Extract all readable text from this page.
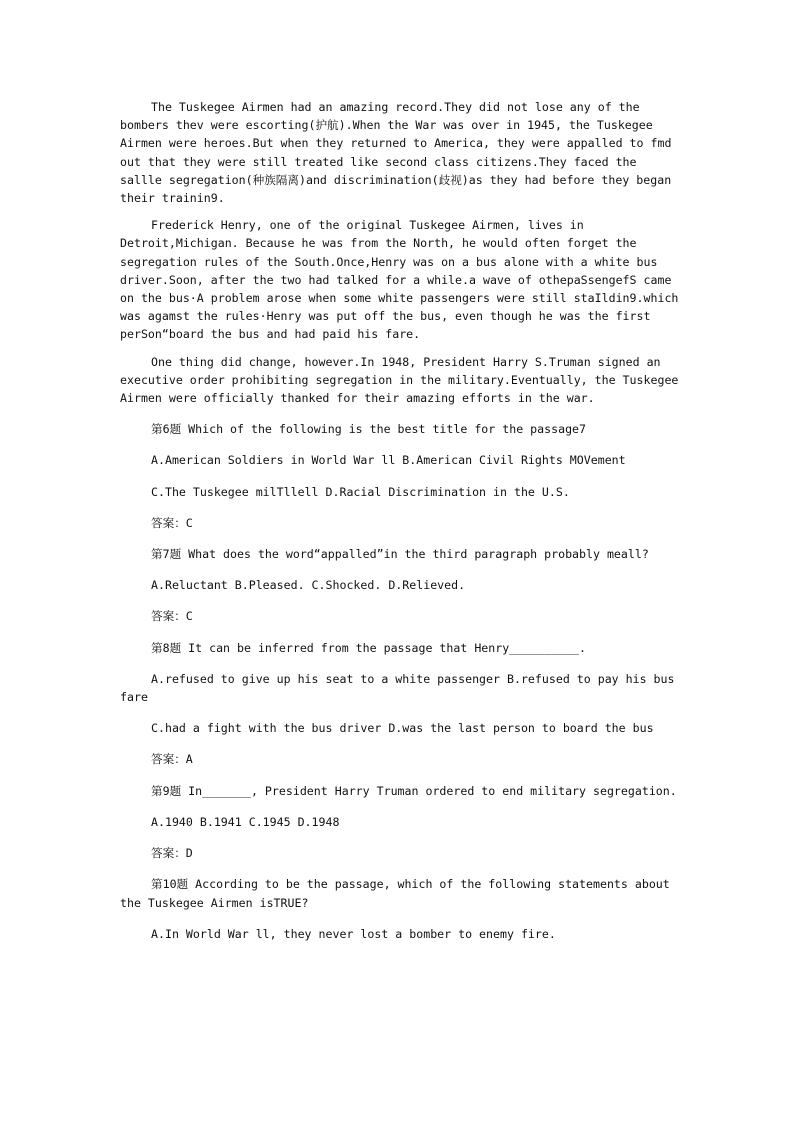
The Tuskegee Airmen had an amazing record.They did not lose any of the bombers thev were escorting(护航).When the War was over in 1945, the Tuskegee Airmen were heroes.But when they returned to America, they were appalled to fmd out that they were still treated like second class citizens.They faced the sallle segregation(种族隔离)and discrimination(歧视)as they had before they began their trainin9.

Frederick Henry, one of the original Tuskegee Airmen, lives in Detroit,Michigan. Because he was from the North, he would often forget the segregation rules of the South.Once,Henry was on a bus alone with a white bus driver.Soon, after the two had talked for a while.a wave of othepaSsengefS came on the bus·A problem arose when some white passengers were still staIldin9.which was agamst the rules·Henry was put off the bus, even though he was the first perSon“board the bus and had paid his fare.

One thing did change, however.In 1948, President Harry S.Truman signed an executive order prohibiting segregation in the military.Eventually, the Tuskegee Airmen were officially thanked for their amazing efforts in the war.

第6题 Which of the following is the best title for the passage7

A.American Soldiers in World War ll B.American Civil Rights MOVement

C.The Tuskegee milTllell D.Racial Discrimination in the U.S.

答案：C

第7题 What does the word“appalled”in the third paragraph probably meall?

A.Reluctant B.Pleased. C.Shocked. D.Relieved.

答案：C

第8题 It can be inferred from the passage that Henry__________.

A.refused to give up his seat to a white passenger B.refused to pay his bus fare

C.had a fight with the bus driver D.was the last person to board the bus

答案：A

第9题 In_______, President Harry Truman ordered to end military segregation.

A.1940 B.1941 C.1945 D.1948

答案：D

第10题 According to be the passage, which of the following statements about the Tuskegee Airmen isTRUE?

A.In World War ll, they never lost a bomber to enemy fire.
